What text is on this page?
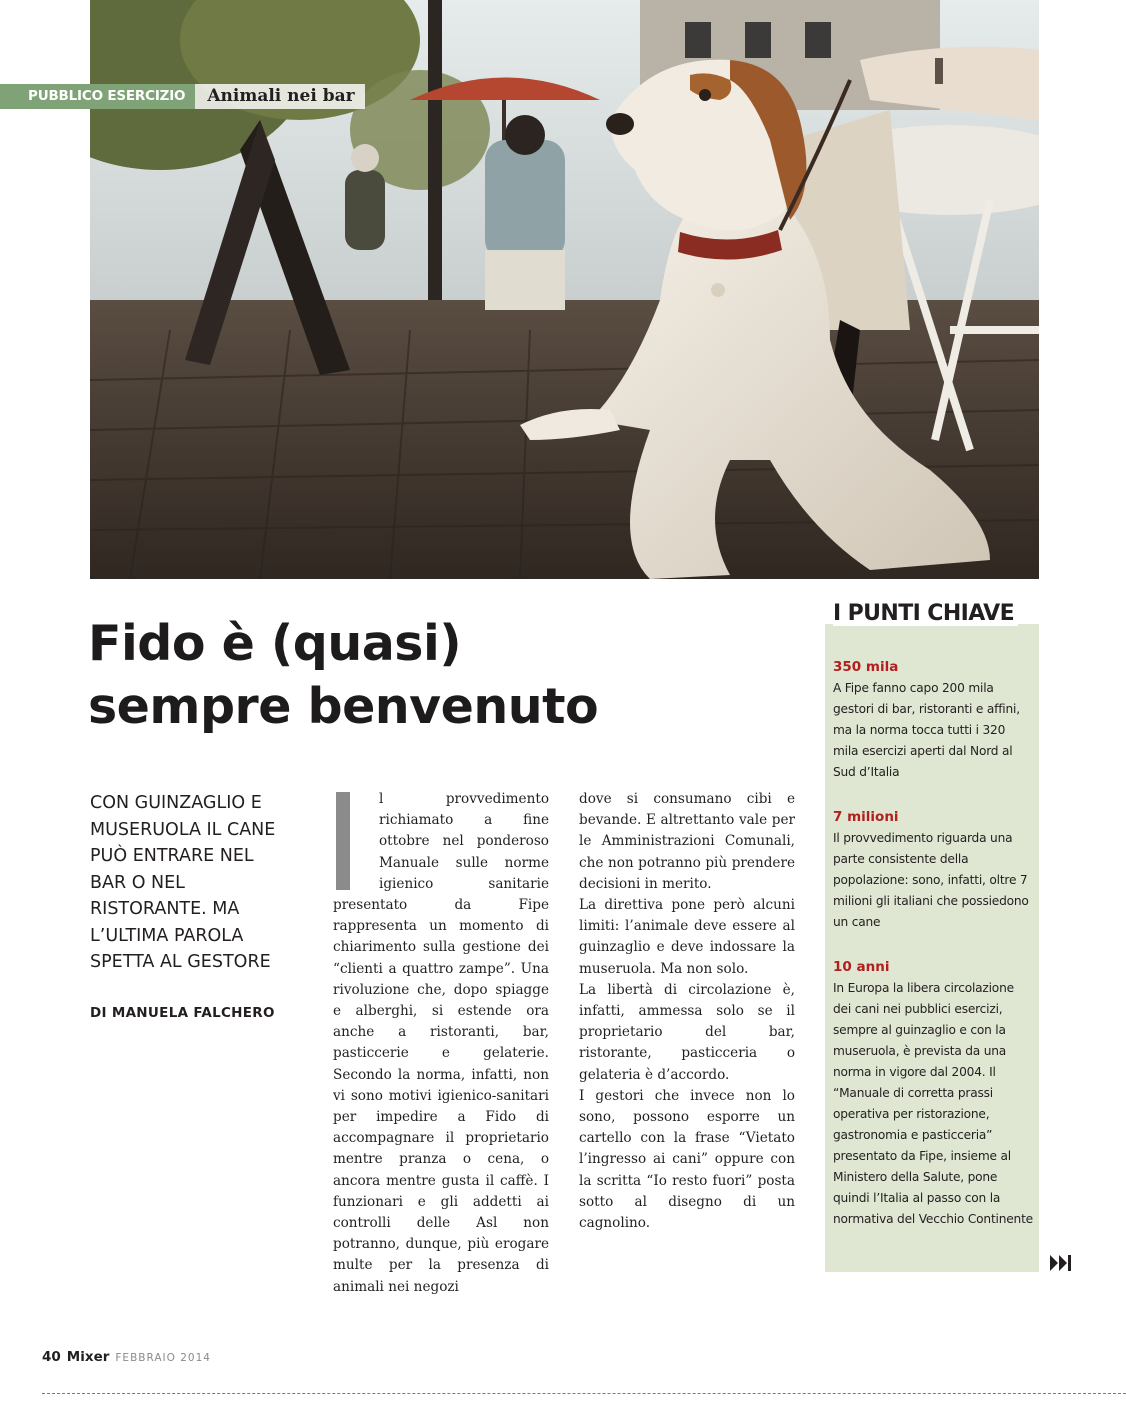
PUBBLICO ESERCIZIO	Animali nei bar
Fido è (quasi)
sempre benvenuto

CON GUINZAGLIO E MUSERUOLA IL CANE PUÒ ENTRARE NEL BAR O NEL RISTORANTE. MA L’ULTIMA PAROLA SPETTA AL GESTORE

DI MANUELA FALCHERO

l provvedimento richiamato a fine ottobre nel ponderoso Manuale sulle norme igienico sanitarie presentato da Fipe rappresenta un momento di chiarimento sulla gestione dei “clienti a quattro zampe”. Una rivoluzione che, dopo spiagge e alberghi, si estende ora anche a ristoranti, bar, pasticcerie e gelaterie. Secondo la norma, infatti, non vi sono motivi igienico-sanitari per impedire a Fido di accompagnare il proprietario mentre pranza o cena, o ancora mentre gusta il caffè. I funzionari e gli addetti ai controlli delle Asl non potranno, dunque, più erogare multe per la presenza di animali nei negozi

dove si consumano cibi e bevande. E altrettanto vale per le Amministrazioni Comunali, che non potranno più prendere decisioni in merito.

La direttiva pone però alcuni limiti: l’animale deve essere al guinzaglio e deve indossare la museruola. Ma non solo.

La libertà di circolazione è, infatti, ammessa solo se il proprietario del bar, ristorante, pasticceria o gelateria è d’accordo.

I gestori che invece non lo sono, possono esporre un cartello con la frase “Vietato l’ingresso ai cani” oppure con la scritta “Io resto fuori” posta sotto al disegno di un cagnolino.

I PUNTI CHIAVE
350 mila

A Fipe fanno capo 200 mila gestori di bar, ristoranti e affini, ma la norma tocca tutti i 320 mila esercizi aperti dal Nord al Sud d’Italia

7 milioni

Il provvedimento riguarda una parte consistente della popolazione: sono, infatti, oltre 7 milioni gli italiani che possiedono un cane

10 anni

In Europa la libera circolazione dei cani nei pubblici esercizi, sempre al guinzaglio e con la museruola, è prevista da una norma in vigore dal 2004. Il “Manuale di corretta prassi operativa per ristorazione, gastronomia e pasticceria” presentato da Fipe, insieme al Ministero della Salute, pone quindi l’Italia al passo con la normativa del Vecchio Continente

40 Mixer FEBBRAIO 2014
